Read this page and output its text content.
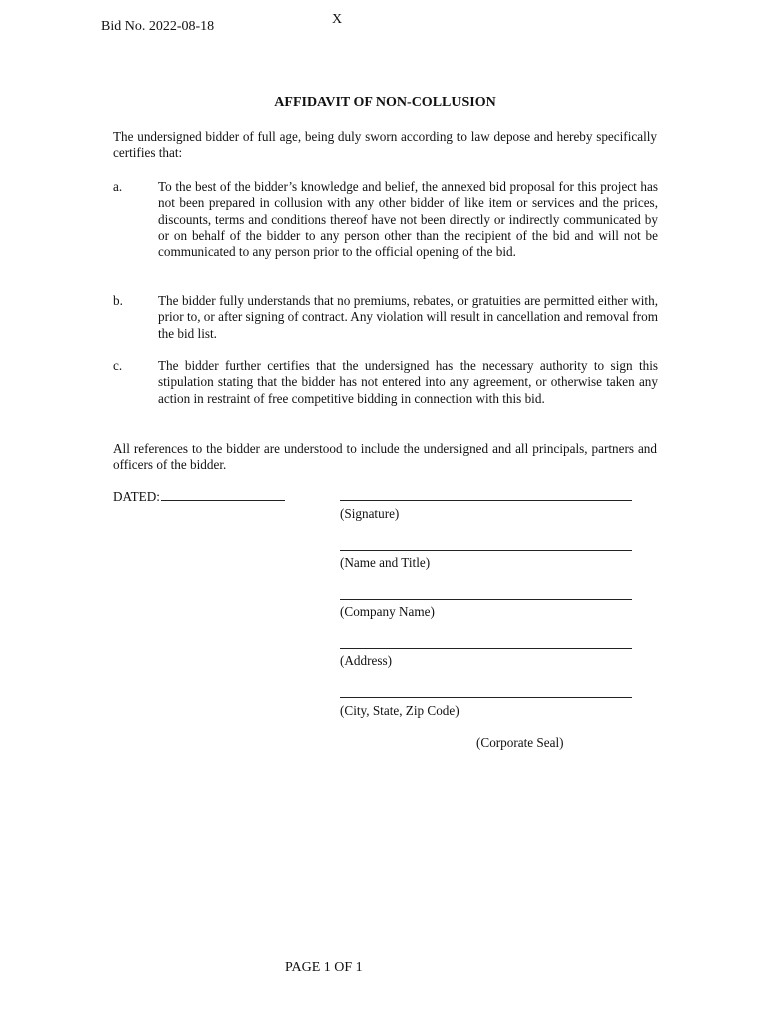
Bid No. 2022-08-18	X
AFFIDAVIT OF NON-COLLUSION
The undersigned bidder of full age, being duly sworn according to law depose and hereby specifically certifies that:
a.	To the best of the bidder’s knowledge and belief, the annexed bid proposal for this project has not been prepared in collusion with any other bidder of like item or services and the prices, discounts, terms and conditions thereof have not been directly or indirectly communicated by or on behalf of the bidder to any person other than the recipient of the bid and will not be communicated to any person prior to the official opening of the bid.
b.	The bidder fully understands that no premiums, rebates, or gratuities are permitted either with, prior to, or after signing of contract. Any violation will result in cancellation and removal from the bid list.
c.	The bidder further certifies that the undersigned has the necessary authority to sign this stipulation stating that the bidder has not entered into any agreement, or otherwise taken any action in restraint of free competitive bidding in connection with this bid.
All references to the bidder are understood to include the undersigned and all principals, partners and officers of the bidder.
DATED:
(Signature)
(Name and Title)
(Company Name)
(Address)
(City, State, Zip Code)
(Corporate Seal)
PAGE 1 OF 1
